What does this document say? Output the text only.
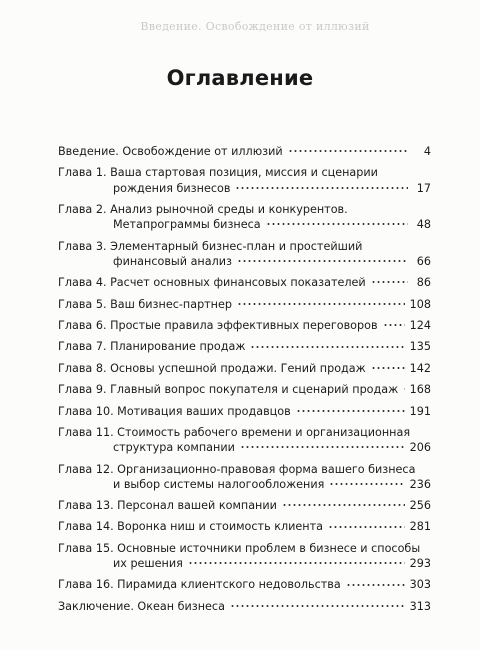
Введение. Освобождение от иллюзий
Оглавление
Введение. Освобождение от иллюзий	4
Глава 1. Ваша стартовая позиция, миссия и сценарии
рождения бизнесов	17
Глава 2. Анализ рыночной среды и конкурентов.
Метапрограммы бизнеса	48
Глава 3. Элементарный бизнес-план и простейший
финансовый анализ	66
Глава 4. Расчет основных финансовых показателей	86
Глава 5. Ваш бизнес-партнер	108
Глава 6. Простые правила эффективных переговоров	124
Глава 7. Планирование продаж	135
Глава 8. Основы успешной продажи. Гений продаж	142
Глава 9. Главный вопрос покупателя и сценарий продаж 168
Глава 10. Мотивация ваших продавцов	191
Глава 11. Стоимость рабочего времени и организационная
структура компании	206
Глава 12. Организационно-правовая форма вашего бизнеса
и выбор системы налогообложения	236
Глава 13. Персонал вашей компании	256
Глава 14. Воронка ниш и стоимость клиента	281
Глава 15. Основные источники проблем в бизнесе и способы
их решения	293
Глава 16. Пирамида клиентского недовольства	303
Заключение. Океан бизнеса	313
